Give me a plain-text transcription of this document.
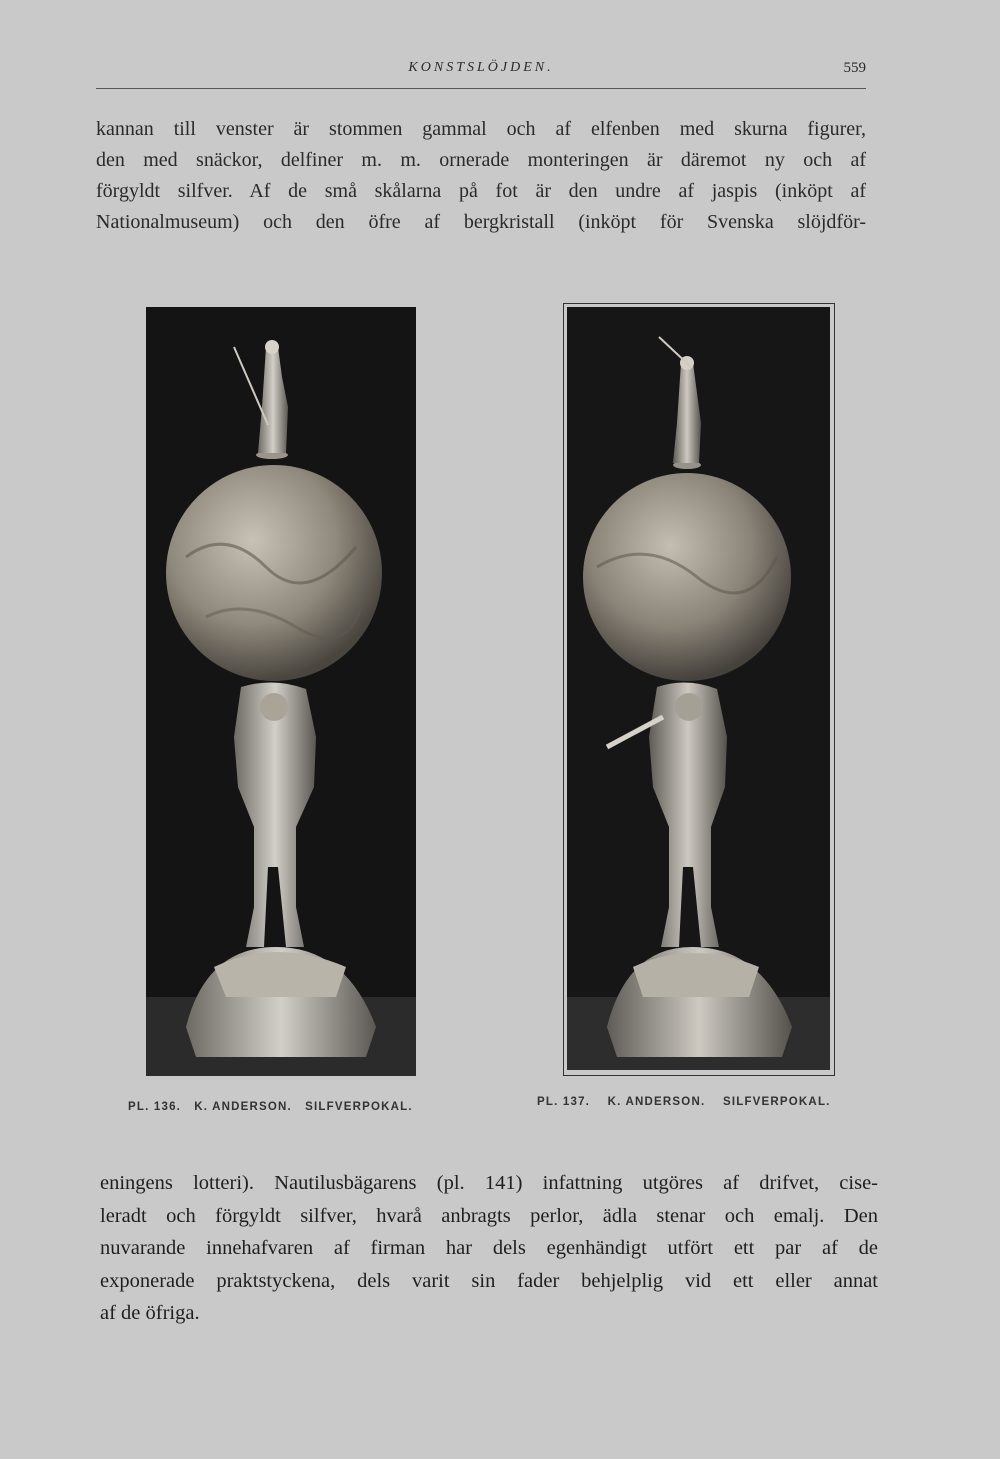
KONSTSLÖJDEN.	559

kannan till venster är stommen gammal och af elfenben med skurna figurer,
den med snäckor, delfiner m. m. ornerade monteringen är däremot ny och af
förgyldt silfver. Af de små skålarna på fot är den undre af jaspis (inköpt af
Nationalmuseum) och den öfre af bergkristall (inköpt för Svenska slöjdför-

PL. 136. K. ANDERSON. SILFVERPOKAL.	PL. 137. K. ANDERSON. SILFVERPOKAL.

eningens lotteri). Nautilusbägarens (pl. 141) infattning utgöres af drifvet, cise-
leradt och förgyldt silfver, hvarå anbragts perlor, ädla stenar och emalj. Den
nuvarande innehafvaren af firman har dels egenhändigt utfört ett par af de
exponerade praktstyckena, dels varit sin fader behjelplig vid ett eller annat
af de öfriga.
